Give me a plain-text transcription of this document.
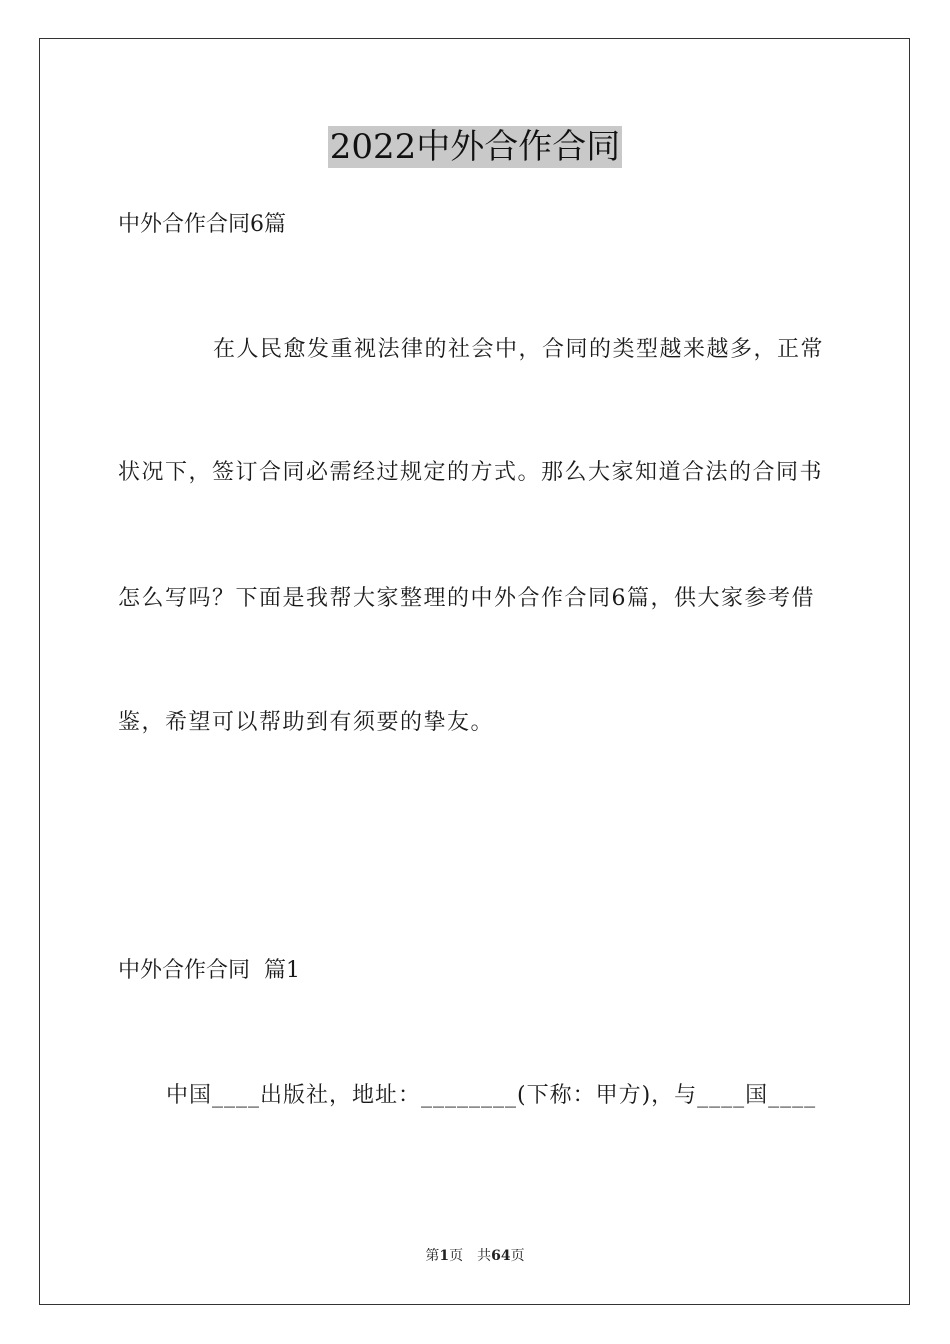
2022中外合作合同
中外合作合同6篇
在人民愈发重视法律的社会中，合同的类型越来越多，正常
状况下，签订合同必需经过规定的方式。那么大家知道合法的合同书
怎么写吗？下面是我帮大家整理的中外合作合同6篇，供大家参考借
鉴，希望可以帮助到有须要的挚友。
中外合作合同  篇1
中国____出版社，地址：________(下称：甲方)，与____国____
第1页 共64页
